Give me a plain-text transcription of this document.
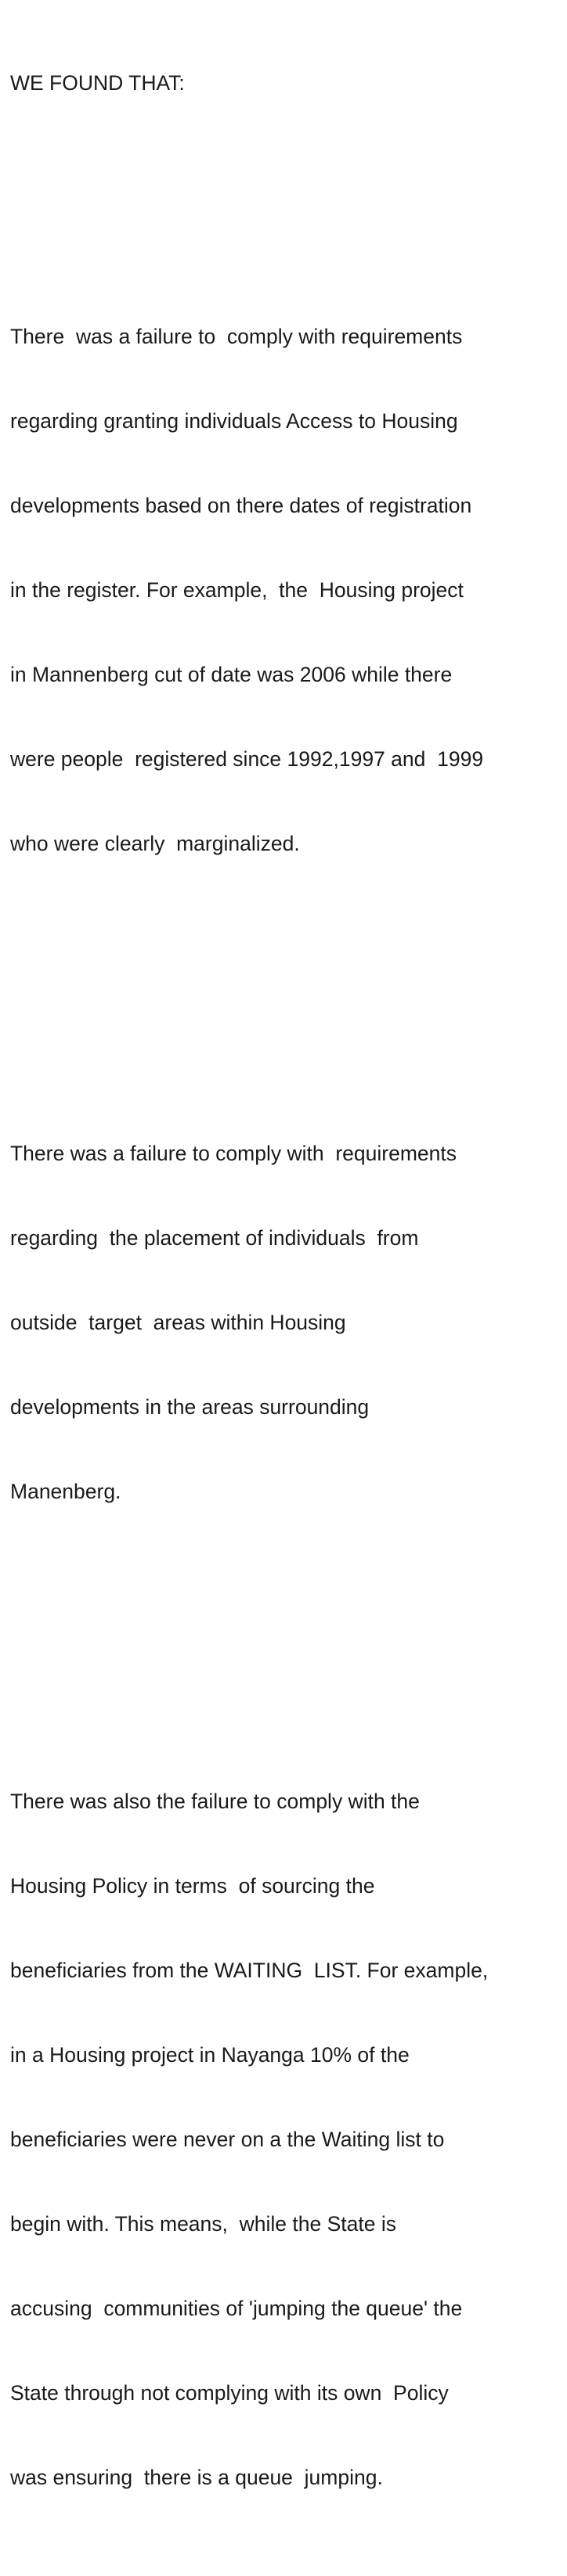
WE FOUND THAT:

There  was a failure to  comply with requirements

regarding granting individuals Access to Housing

developments based on there dates of registration

in the register. For example,  the  Housing project

in Mannenberg cut of date was 2006 while there

were people  registered since 1992,1997 and  1999

who were clearly  marginalized.

There was a failure to comply with  requirements

regarding  the placement of individuals  from

outside  target  areas within Housing

developments in the areas surrounding

Manenberg.

There was also the failure to comply with the

Housing Policy in terms  of sourcing the

beneficiaries from the WAITING  LIST. For example,

in a Housing project in Nayanga 10% of the

beneficiaries were never on a the Waiting list to

begin with. This means,  while the State is

accusing  communities of 'jumping the queue' the

State through not complying with its own  Policy

was ensuring  there is a queue  jumping.
